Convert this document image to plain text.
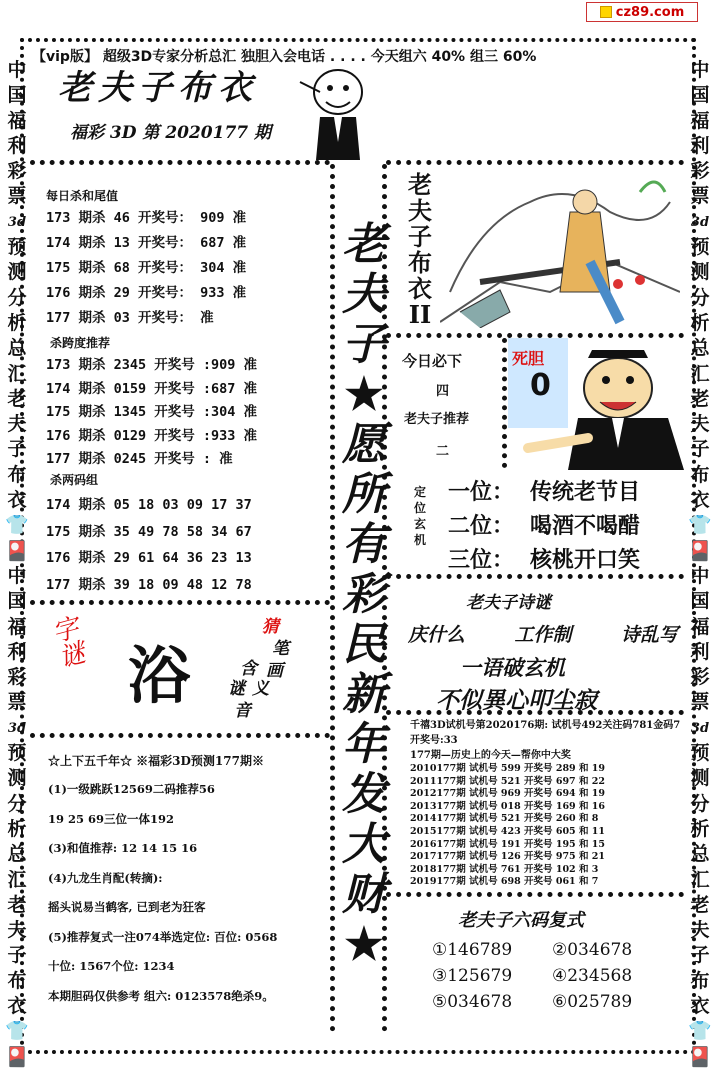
cz89.com
【vip版】 超级3D专家分析总汇 独胆入会电话 . . . . 今天组六 40% 组三 60%
中
国
福
利
彩
票
3d
预
测
分
析
总
汇
老
夫
子
布
衣
👕
🎴
中
国
福
利
彩
票
3d
预
测
分
析
总
汇
老
夫
子
布
衣
👕
🎴
中
国
福
利
彩
票
3d
预
测
分
析
总
汇
老
夫
子
布
衣
👕
🎴
中
国
福
利
彩
票
3d
预
测
分
析
总
汇
老
夫
子
布
衣
👕
🎴
老夫子布衣
福彩 3D 第 2020177 期
每日杀和尾值
173 期杀 46 开奖号： 909 准
174 期杀 13 开奖号： 687 准
175 期杀 68 开奖号： 304 准
176 期杀 29 开奖号： 933 准
177 期杀 03 开奖号： 准
杀跨度推荐
173 期杀 2345 开奖号 :909 准
174 期杀 0159 开奖号 :687 准
175 期杀 1345 开奖号 :304 准
176 期杀 0129 开奖号 :933 准
177 期杀 0245 开奖号 : 准
杀两码组
174 期杀 05 18 03 09 17 37
175 期杀 35 49 78 58 34 67
176 期杀 29 61 64 36 23 13
177 期杀 39 18 09 48 12 78
字谜 浴
猜
笔
画
含
谜 义
音
☆上下五千年☆ ※福彩3D预测177期※
(1)一级跳跃12569二码推荐56
19 25 69三位一体192
(3)和值推荐: 12 14 15 16
(4)九龙生肖配(转摘):
摇头说易当鹤客, 已到老为狂客
(5)推荐复式一注074举选定位: 百位: 0568
十位: 1567个位: 1234
本期胆码仅供参考 组六: 0123578绝杀9。
老
夫
子
★
愿
所
有
彩
民
新
年
发
大
财
★
老
夫
子
布
衣
II
今日必下
四
老夫子推荐
二
死胆
0
定
位
玄
机
一位： 传统老节目
二位： 喝酒不喝醋
三位： 核桃开口笑
老夫子诗谜
庆什么	工作制	诗乱写
一语破玄机
不似異心叩尘寂
千禧3D试机号第2020176期: 试机号492关注码781金码7
开奖号:33
177期—历史上的今天—帮你中大奖
2010177期 试机号 599 开奖号 289 和 19
2011177期 试机号 521 开奖号 697 和 22
2012177期 试机号 969 开奖号 694 和 19
2013177期 试机号 018 开奖号 169 和 16
2014177期 试机号 521 开奖号 260 和 8
2015177期 试机号 423 开奖号 605 和 11
2016177期 试机号 191 开奖号 195 和 15
2017177期 试机号 126 开奖号 975 和 21
2018177期 试机号 761 开奖号 102 和 3
2019177期 试机号 698 开奖号 061 和 7
老夫子六码复式
①146789	②034678
③125679	④234568
⑤034678	⑥025789
